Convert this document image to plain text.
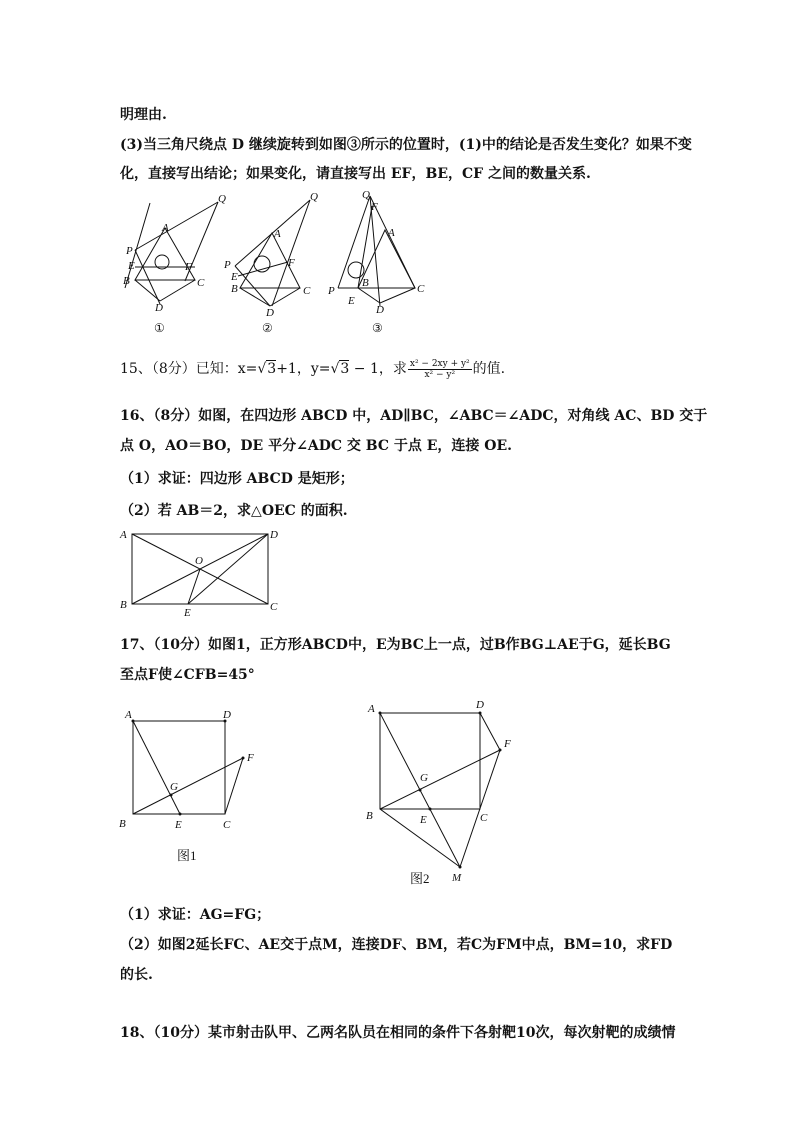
明理由.
(3)当三角尺绕点 D 继续旋转到如图③所示的位置时，(1)中的结论是否发生变化？如果不变
化，直接写出结论；如果变化，请直接写出 EF，BE，CF 之间的数量关系.
Q
A
P
E	F
B	C
D
Q
A
P
E
F
B	C
D
Q
F
A
B
P
E
C
D
①	②	③
15、（8分）已知：x=√3+1，y=√3 − 1，求 $\frac{\text{x² − 2xy + y²}}{\text{x² − y²}}$ 的值.
16、（8分）如图，在四边形 ABCD 中，AD∥BC，∠ABC＝∠ADC，对角线 AC、BD 交于
点 O，AO＝BO，DE 平分∠ADC 交 BC 于点 E，连接 OE.
（1）求证：四边形 ABCD 是矩形；
（2）若 AB＝2，求△OEC 的面积.
A	D
O
B	C
E
17、（10分）如图1，正方形ABCD中，E为BC上一点，过B作BG⊥AE于G，延长BG
至点F使∠CFB=45°
A	D
F
G
B	E	C
图1
A	D
F
G
B	E	C
M
图2
（1）求证：AG=FG；
（2）如图2延长FC、AE交于点M，连接DF、BM，若C为FM中点，BM=10，求FD
的长.
18、（10分）某市射击队甲、乙两名队员在相同的条件下各射靶10次，每次射靶的成绩情
